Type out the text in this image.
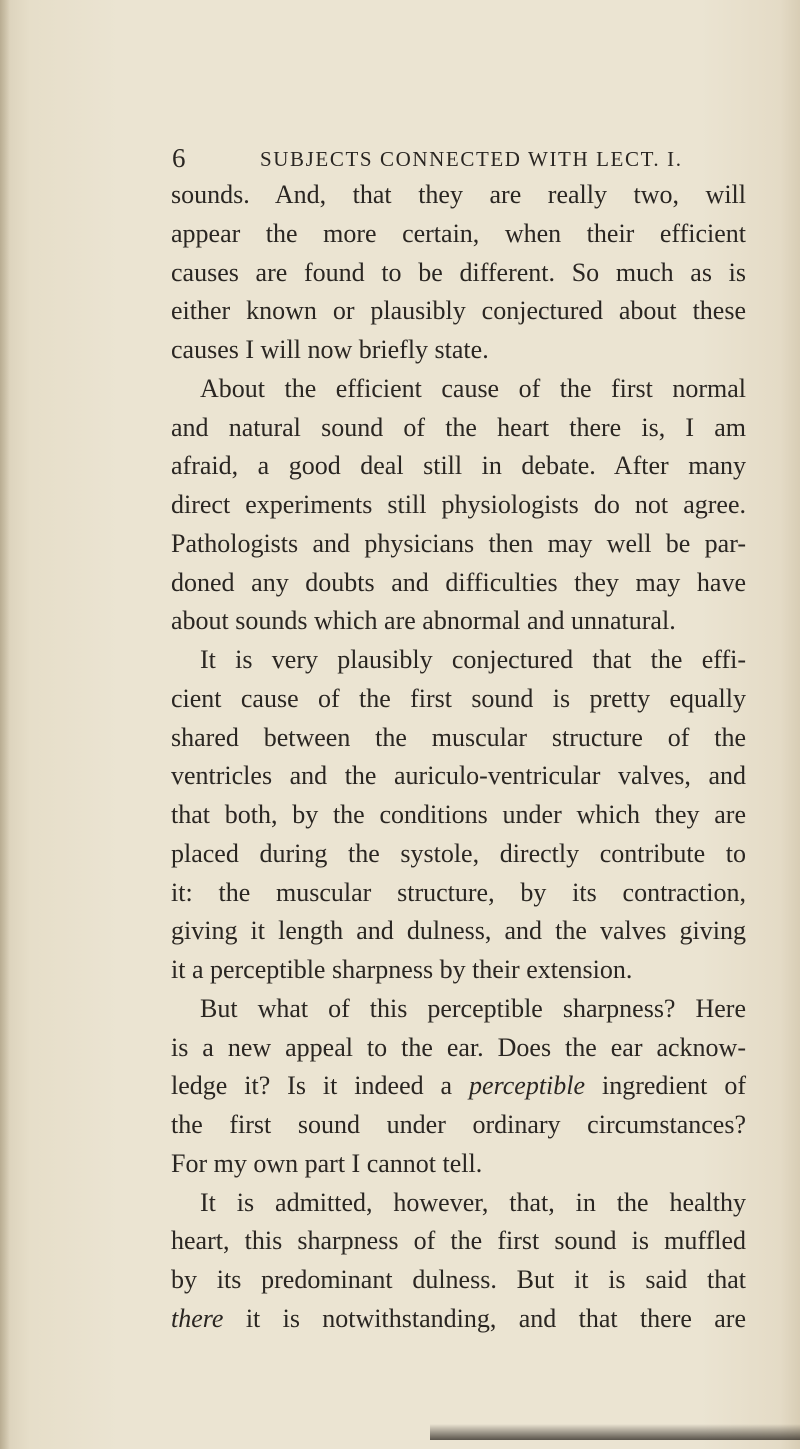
6	SUBJECTS CONNECTED WITH LECT. I.
sounds. And, that they are really two, will
appear the more certain, when their efficient
causes are found to be different. So much as is
either known or plausibly conjectured about these
causes I will now briefly state.
About the efficient cause of the first normal
and natural sound of the heart there is, I am
afraid, a good deal still in debate. After many
direct experiments still physiologists do not agree.
Pathologists and physicians then may well be par-
doned any doubts and difficulties they may have
about sounds which are abnormal and unnatural.
It is very plausibly conjectured that the effi-
cient cause of the first sound is pretty equally
shared between the muscular structure of the
ventricles and the auriculo-ventricular valves, and
that both, by the conditions under which they are
placed during the systole, directly contribute to
it: the muscular structure, by its contraction,
giving it length and dulness, and the valves giving
it a perceptible sharpness by their extension.
But what of this perceptible sharpness? Here
is a new appeal to the ear. Does the ear acknow-
ledge it? Is it indeed a perceptible ingredient of
the first sound under ordinary circumstances?
For my own part I cannot tell.
It is admitted, however, that, in the healthy
heart, this sharpness of the first sound is muffled
by its predominant dulness. But it is said that
there it is notwithstanding, and that there are
